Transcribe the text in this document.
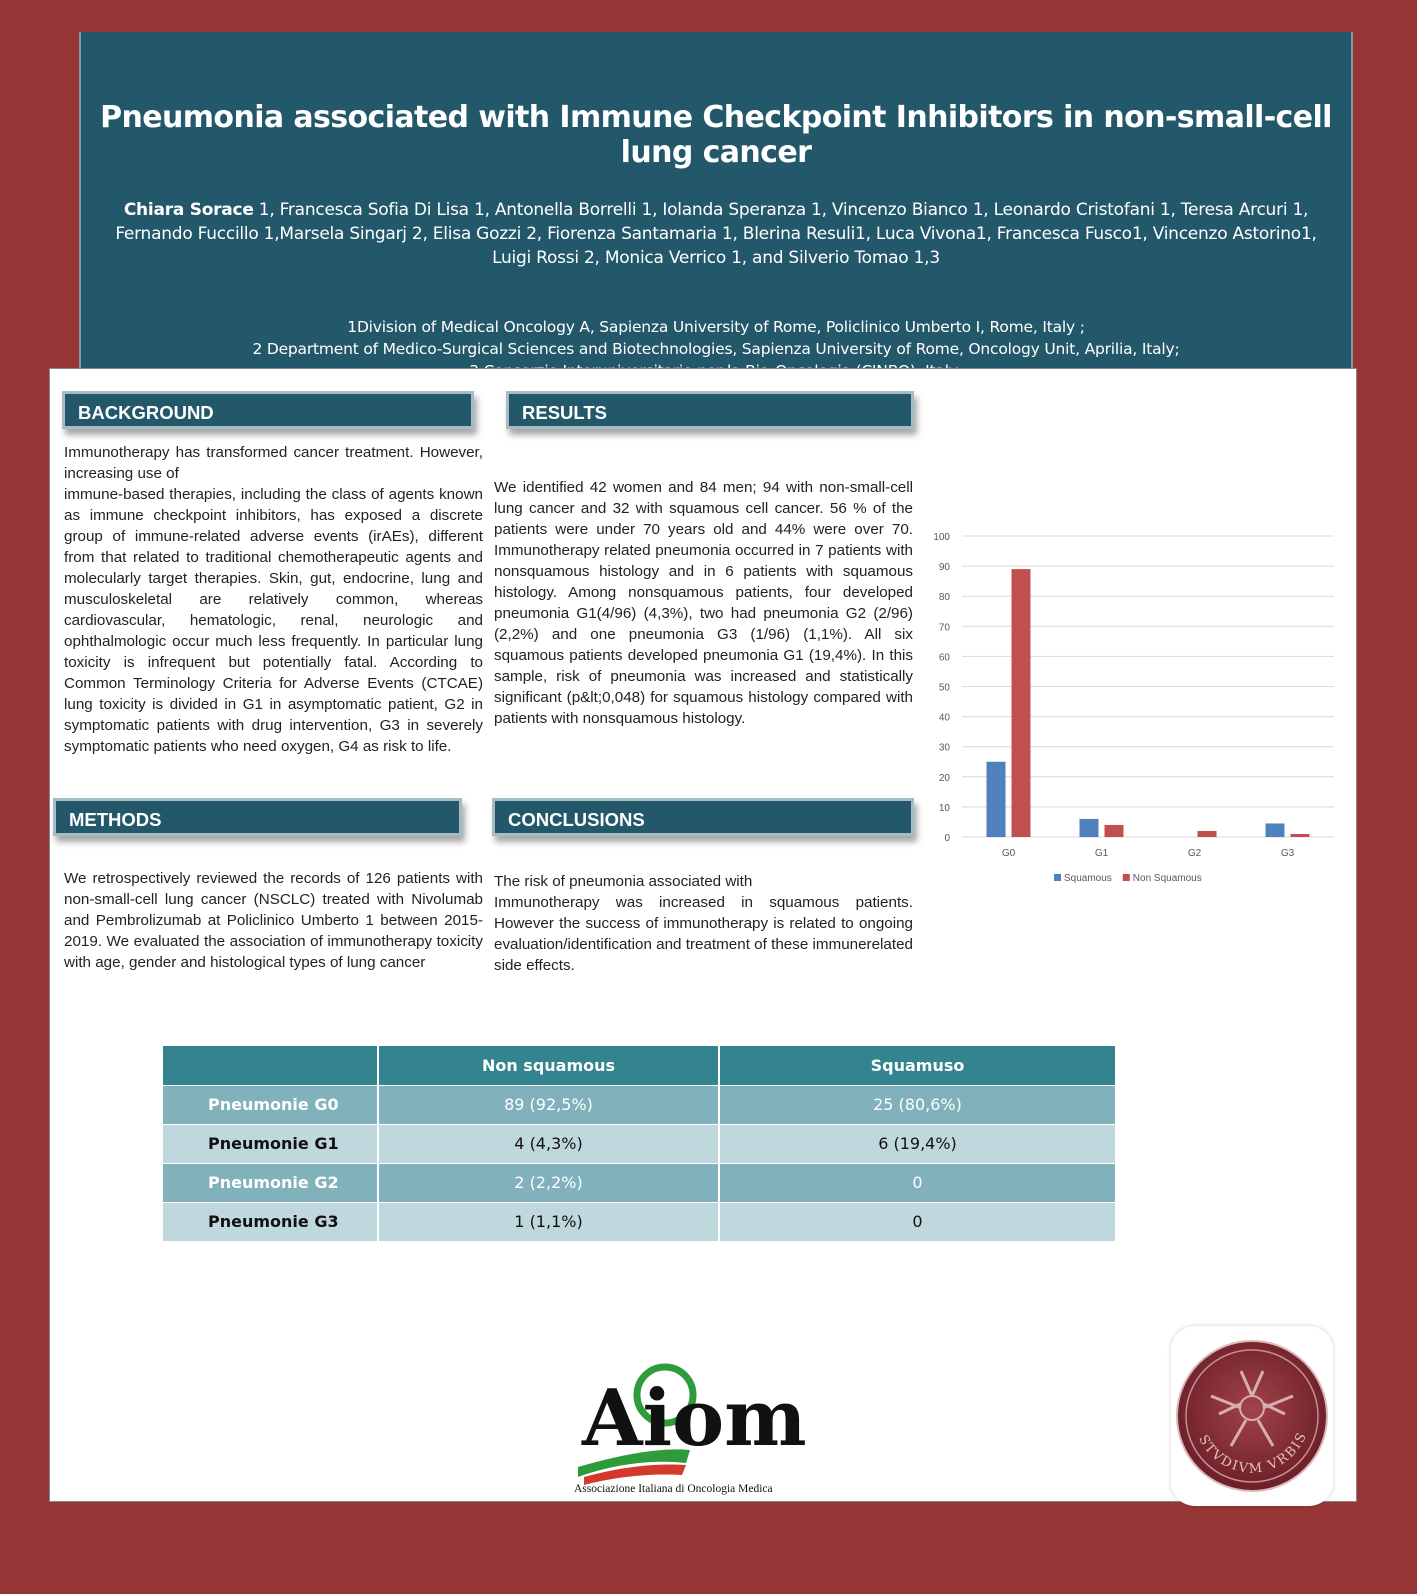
Pneumonia associated with Immune Checkpoint Inhibitors in non-small-cell lung cancer
Chiara Sorace 1, Francesca Sofia Di Lisa 1, Antonella Borrelli 1, Iolanda Speranza 1, Vincenzo Bianco 1, Leonardo Cristofani 1, Teresa Arcuri 1, Fernando Fuccillo 1,Marsela Singarj 2, Elisa Gozzi 2, Fiorenza Santamaria 1, Blerina Resuli1, Luca Vivona1, Francesca Fusco1, Vincenzo Astorino1, Luigi Rossi 2, Monica Verrico 1, and Silverio Tomao 1,3
1Division of Medical Oncology A, Sapienza University of Rome, Policlinico Umberto I, Rome, Italy ;
2 Department of Medico-Surgical Sciences and Biotechnologies, Sapienza University of Rome, Oncology Unit, Aprilia, Italy;
BACKGROUND
Immunotherapy has transformed cancer treatment. However, increasing use of
immune-based therapies, including the class of agents known as immune checkpoint inhibitors, has exposed a discrete group of immune-related adverse events (irAEs), different from that related to traditional chemotherapeutic agents and molecularly target therapies. Skin, gut, endocrine, lung and musculoskeletal are relatively common, whereas cardiovascular, hematologic, renal, neurologic and ophthalmologic occur much less frequently. In particular lung toxicity is infrequent but potentially fatal. According to Common Terminology Criteria for Adverse Events (CTCAE) lung toxicity is divided in G1 in asymptomatic patient, G2 in symptomatic patients with drug intervention, G3 in severely symptomatic patients who need oxygen, G4 as risk to life.
RESULTS
We identified 42 women and 84 men; 94 with non-small-cell lung cancer and 32 with squamous cell cancer. 56 % of the patients were under 70 years old and 44% were over 70. Immunotherapy related pneumonia occurred in 7 patients with nonsquamous histology and in 6 patients with squamous histology. Among nonsquamous patients, four developed pneumonia G1(4/96) (4,3%), two had pneumonia G2 (2/96) (2,2%) and one pneumonia G3 (1/96) (1,1%). All six squamous patients developed pneumonia G1 (19,4%). In this sample, risk of pneumonia was increased and statistically significant (p&lt;0,048) for squamous histology compared with patients with nonsquamous histology.
METHODS
We retrospectively reviewed the records of 126 patients with non-small-cell lung cancer (NSCLC) treated with Nivolumab and Pembrolizumab at Policlinico Umberto 1 between 2015-2019. We evaluated the association of immunotherapy toxicity with age, gender and histological types of lung cancer
CONCLUSIONS
The risk of pneumonia associated with
Immunotherapy was increased in squamous patients. However the success of immunotherapy is related to ongoing evaluation/identification and treatment of these immunerelated side effects.
0
10
20
30
40
50
60
70
80
90
100
G0	G1	G2	G3
Squamous Non Squamous
	Non squamous	Squamuso
Pneumonie G0	89 (92,5%)	25 (80,6%)
Pneumonie G1	4 (4,3%)	6 (19,4%)
Pneumonie G2	2 (2,2%)	0
Pneumonie G3	1 (1,1%)	0
Aiom
Associazione Italiana di Oncologia Medica
STVDIVM VRBIS
